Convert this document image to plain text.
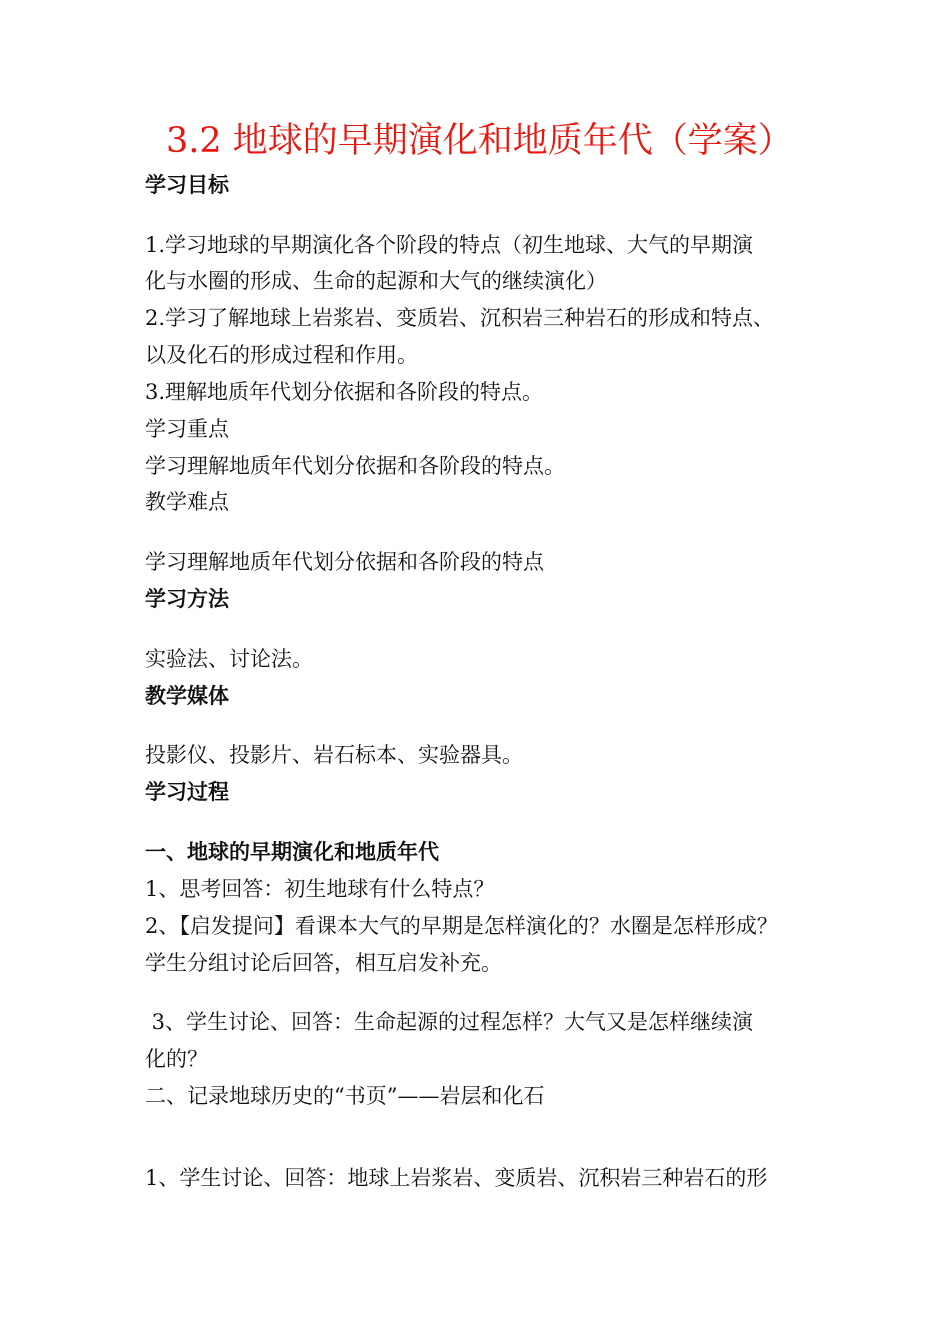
3.2 地球的早期演化和地质年代（学案）
学习目标
1.学习地球的早期演化各个阶段的特点（初生地球、大气的早期演
化与水圈的形成、生命的起源和大气的继续演化）
2.学习了解地球上岩浆岩、变质岩、沉积岩三种岩石的形成和特点、
以及化石的形成过程和作用。
3.理解地质年代划分依据和各阶段的特点。
学习重点
学习理解地质年代划分依据和各阶段的特点。
教学难点
学习理解地质年代划分依据和各阶段的特点
学习方法
实验法、讨论法。
教学媒体
投影仪、投影片、岩石标本、实验器具。
学习过程
一、地球的早期演化和地质年代
1、思考回答：初生地球有什么特点？
2、【启发提问】看课本大气的早期是怎样演化的？水圈是怎样形成？
学生分组讨论后回答，相互启发补充。
3、学生讨论、回答：生命起源的过程怎样？大气又是怎样继续演
化的？
二、记录地球历史的“书页”——岩层和化石
1、学生讨论、回答：地球上岩浆岩、变质岩、沉积岩三种岩石的形
